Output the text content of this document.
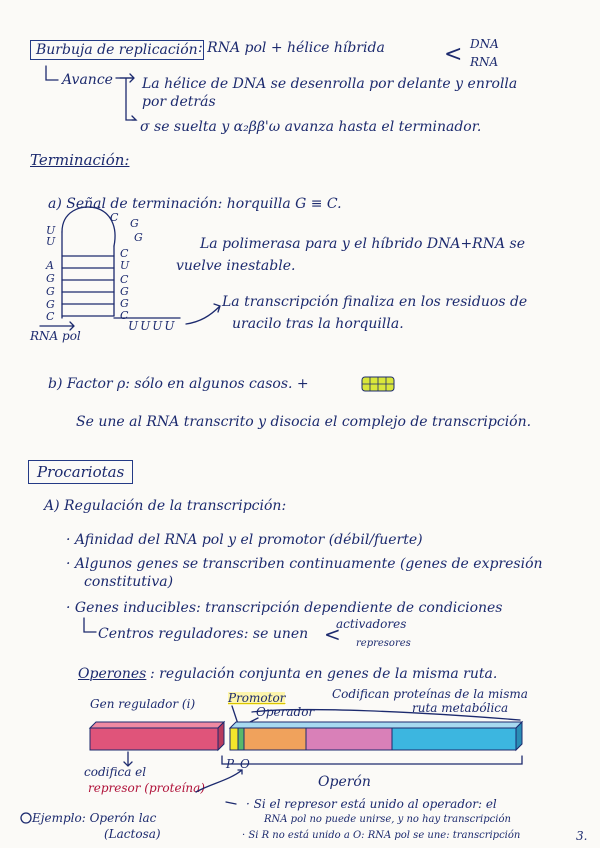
Burbuja de replicación : RNA pol + hélice híbrida	< DNA
RNA
Avance La hélice de DNA se desenrolla por delante y enrolla
por detrás
σ se suelta y α₂ββ'ω avanza hasta el terminador.
Terminación:
a) Señal de terminación: horquilla G ≡ C.
U
U
A
G
G
G
C
C G
G
C
U
C
G
G
C
UUUU
RNA pol
La polimerasa para y el híbrido DNA+RNA se
vuelve inestable.
La transcripción finaliza en los residuos de
uracilo tras la horquilla.
b) Factor ρ: sólo en algunos casos. +
Se une al RNA transcrito y disocia el complejo de transcripción.
Procariotas
A) Regulación de la transcripción:
· Afinidad del RNA pol y el promotor (débil/fuerte)
· Algunos genes se transcriben continuamente (genes de expresión
constitutiva)
· Genes inducibles: transcripción dependiente de condiciones
Centros reguladores: se unen <
activadores
represores
Operones : regulación conjunta en genes de la misma ruta.
Gen regulador (i)	Promotor
Operador
Codifican proteínas de la misma
ruta metabólica
P O
Operón
codifica el
represor (proteína)
· Si el represor está unido al operador: el
RNA pol no puede unirse, y no hay transcripción
· Si R no está unido a O: RNA pol se une: transcripción
Ejemplo: Operón lac
(Lactosa)	3.
